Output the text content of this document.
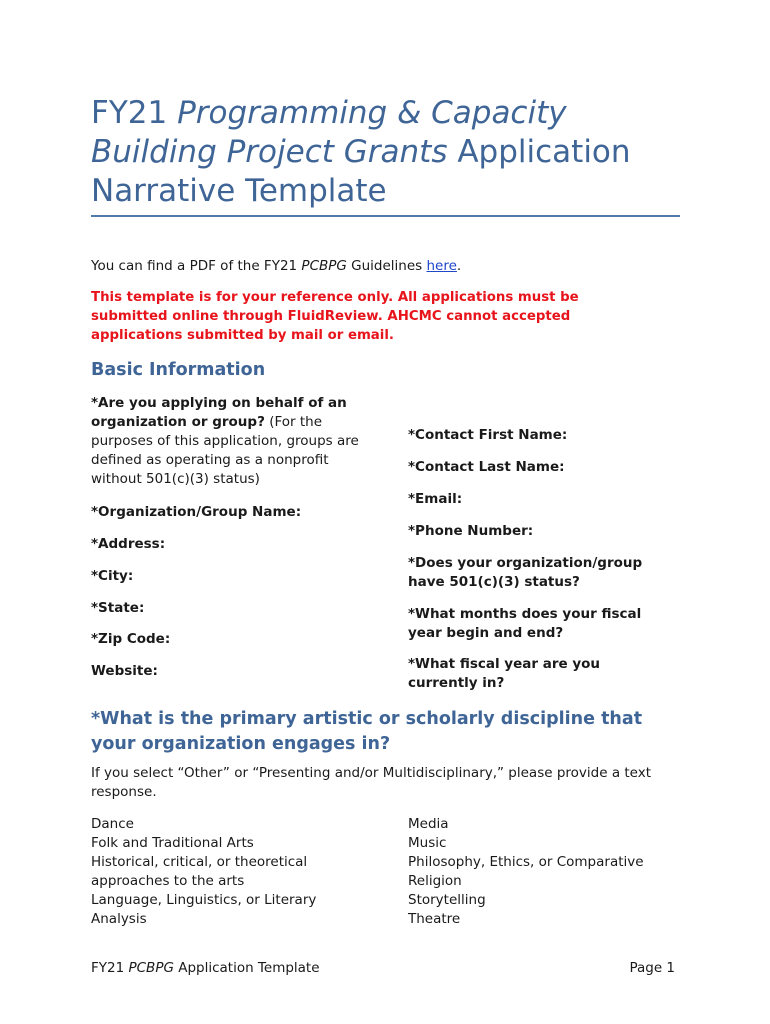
FY21 Programming & Capacity Building Project Grants Application Narrative Template

You can find a PDF of the FY21 PCBPG Guidelines here.

This template is for your reference only. All applications must be submitted online through FluidReview. AHCMC cannot accepted applications submitted by mail or email.

Basic Information

*Are you applying on behalf of an organization or group? (For the purposes of this application, groups are defined as operating as a nonprofit without 501(c)(3) status)

*Organization/Group Name:

*Address:

*City:

*State:

*Zip Code:

Website:

*Contact First Name:

*Contact Last Name:

*Email:

*Phone Number:

*Does your organization/group have 501(c)(3) status?

*What months does your fiscal year begin and end?

*What fiscal year are you currently in?

*What is the primary artistic or scholarly discipline that your organization engages in?

If you select “Other” or “Presenting and/or Multidisciplinary,” please provide a text response.

Dance
Folk and Traditional Arts
Historical, critical, or theoretical approaches to the arts
Language, Linguistics, or Literary Analysis
Media
Music
Philosophy, Ethics, or Comparative Religion
Storytelling
Theatre
FY21 PCBPG Application Template	Page 1
